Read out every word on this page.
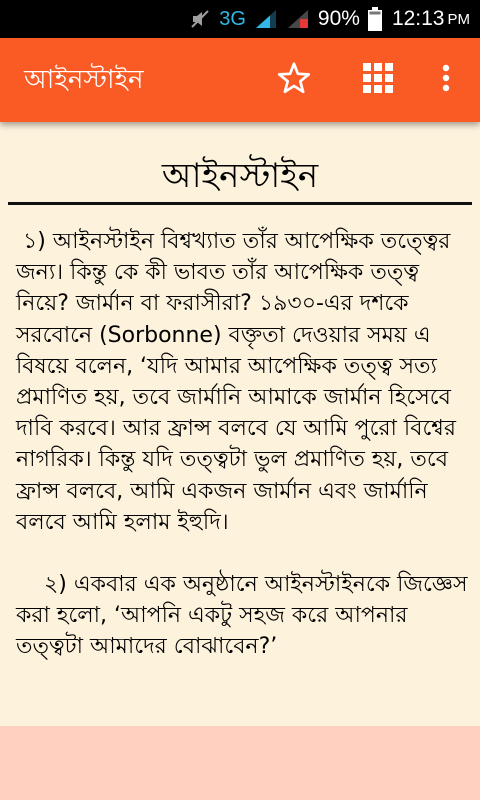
3G	90% 12:13 PM
আইনস্টাইন
আইনস্টাইন

১) আইনস্টাইন বিশ্বখ্যাত তাঁর আপেক্ষিক তত্ত্বের জন্য। কিন্তু কে কী ভাবত তাঁর আপেক্ষিক তত্ত্ব নিয়ে? জার্মান বা ফরাসীরা? ১৯৩০-এর দশকে সরবোনে (Sorbonne) বক্তৃতা দেওয়ার সময় এ বিষয়ে বলেন, ‘যদি আমার আপেক্ষিক তত্ত্ব সত্য প্রমাণিত হয়, তবে জার্মানি আমাকে জার্মান হিসেবে দাবি করবে। আর ফ্রান্স বলবে যে আমি পুরো বিশ্বের নাগরিক। কিন্তু যদি তত্ত্বটা ভুল প্রমাণিত হয়, তবে ফ্রান্স বলবে, আমি একজন জার্মান এবং জার্মানি বলবে আমি হলাম ইহুদি।

২) একবার এক অনুষ্ঠানে আইনস্টাইনকে জিজ্ঞেস করা হলো, ‘আপনি একটু সহজ করে আপনার তত্ত্বটা আমাদের বোঝাবেন?’
